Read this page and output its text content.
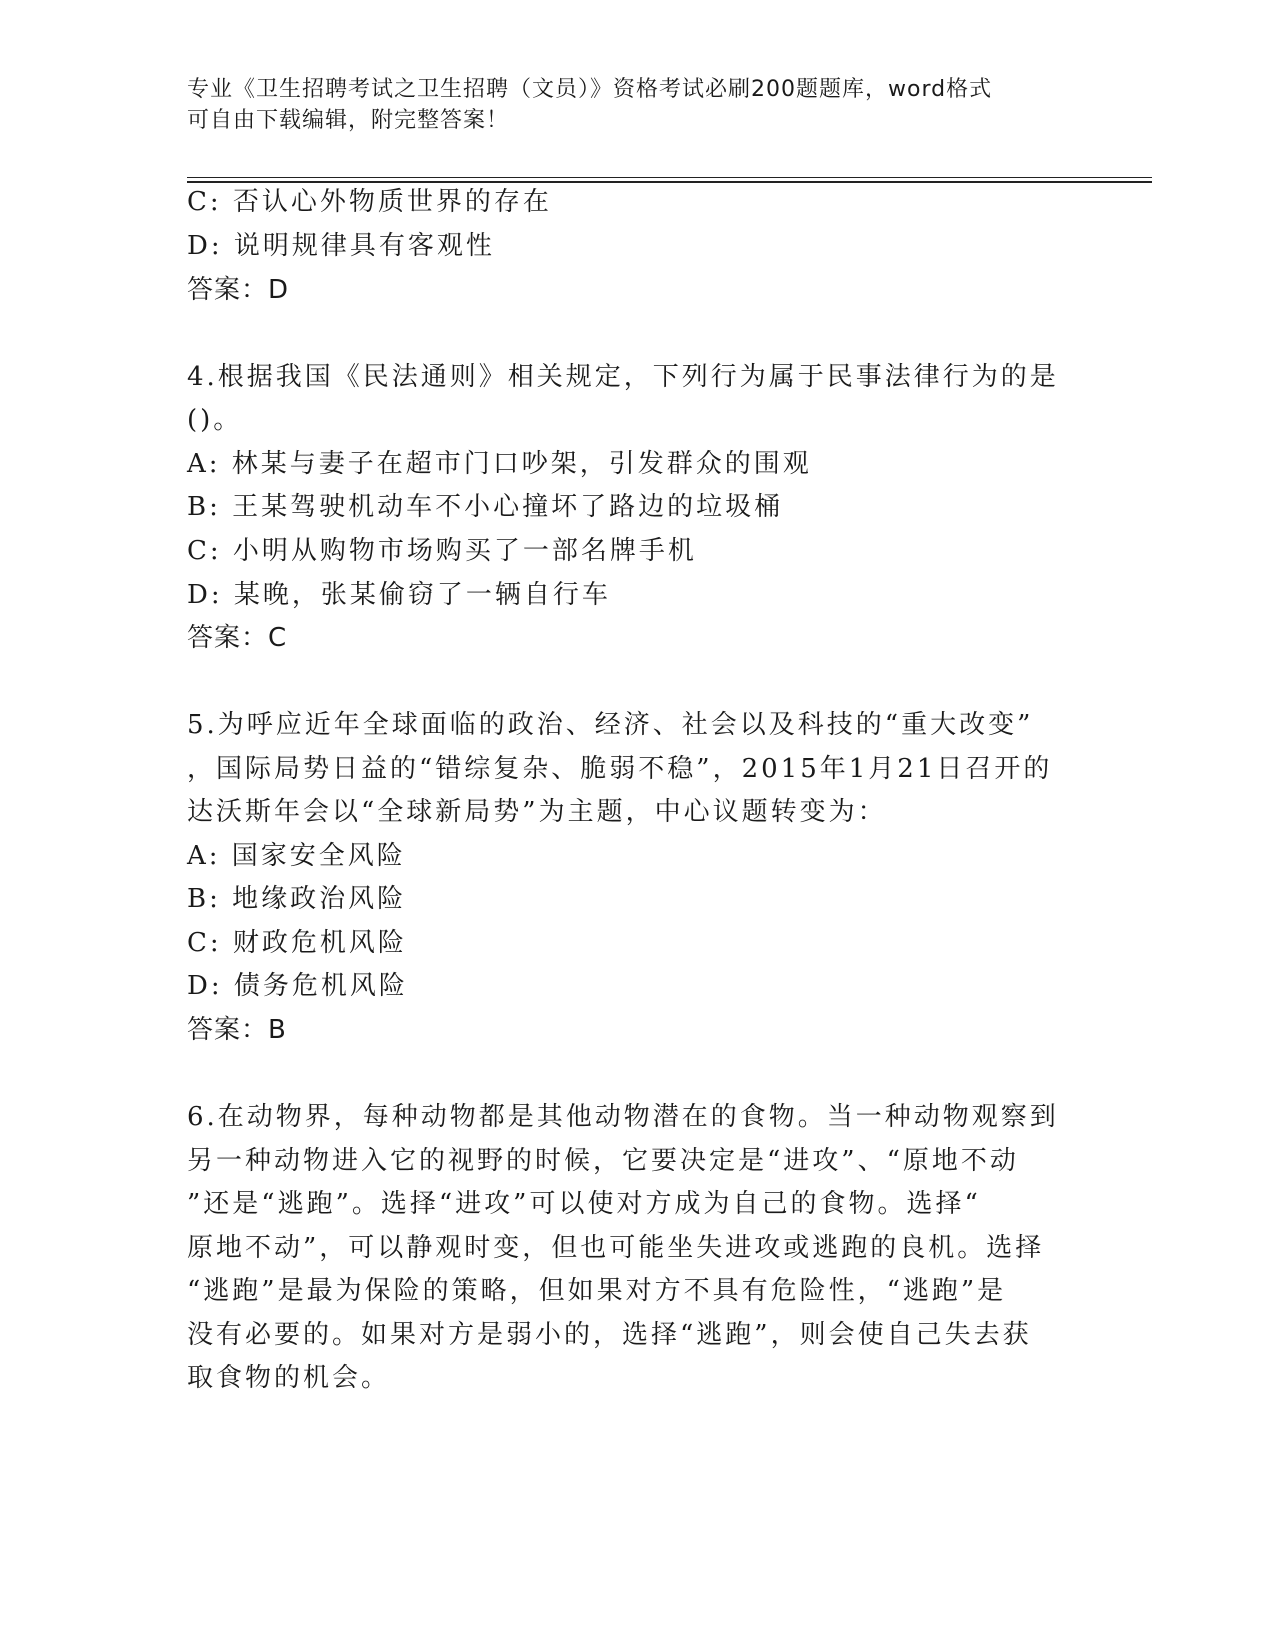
专业《卫生招聘考试之卫生招聘（文员）》资格考试必刷200题题库，word格式
可自由下载编辑，附完整答案！
C: 否认心外物质世界的存在
D: 说明规律具有客观性
答案：D
4.根据我国《民法通则》相关规定，下列行为属于民事法律行为的是
()。
A: 林某与妻子在超市门口吵架，引发群众的围观
B: 王某驾驶机动车不小心撞坏了路边的垃圾桶
C: 小明从购物市场购买了一部名牌手机
D: 某晚，张某偷窃了一辆自行车
答案：C
5.为呼应近年全球面临的政治、经济、社会以及科技的“重大改变”
，国际局势日益的“错综复杂、脆弱不稳”，2015年1月21日召开的
达沃斯年会以“全球新局势”为主题，中心议题转变为：
A: 国家安全风险
B: 地缘政治风险
C: 财政危机风险
D: 债务危机风险
答案：B
6.在动物界，每种动物都是其他动物潜在的食物。当一种动物观察到
另一种动物进入它的视野的时候，它要决定是“进攻”、“原地不动
”还是“逃跑”。选择“进攻”可以使对方成为自己的食物。选择“
原地不动”，可以静观时变，但也可能坐失进攻或逃跑的良机。选择
“逃跑”是最为保险的策略，但如果对方不具有危险性，“逃跑”是
没有必要的。如果对方是弱小的，选择“逃跑”，则会使自己失去获
取食物的机会。
